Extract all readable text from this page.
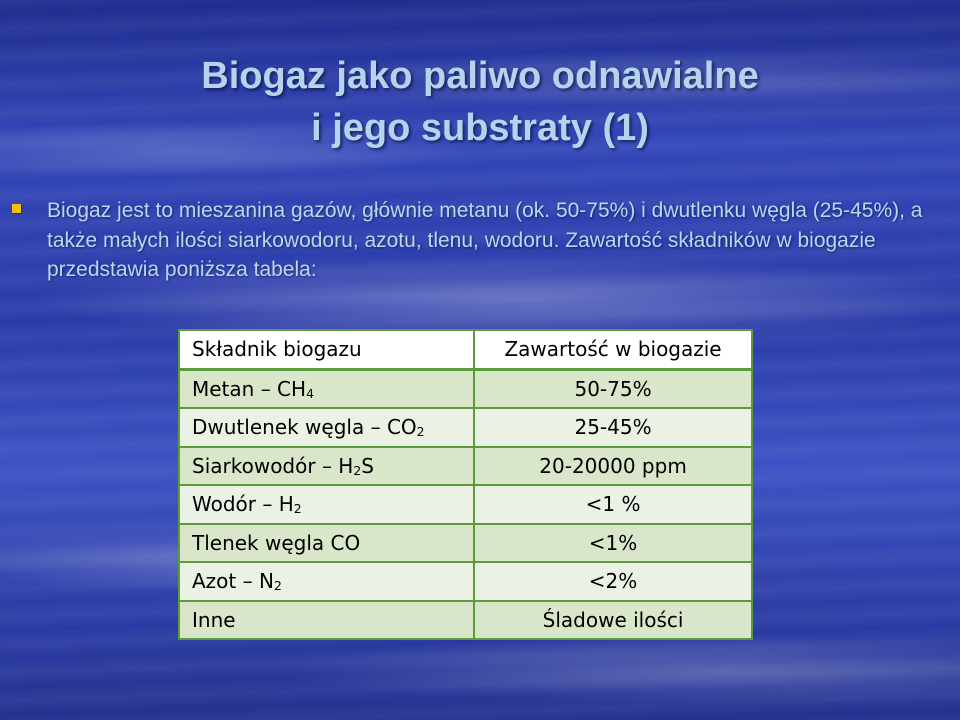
Biogaz jako paliwo odnawialne
i jego substraty (1)
Biogaz jest to mieszanina gazów, głównie metanu (ok. 50-75%) i dwutlenku węgla (25-45%), a także małych ilości siarkowodoru, azotu, tlenu, wodoru. Zawartość składników w biogazie przedstawia poniższa tabela:
Składnik biogazu	Zawartość w biogazie
Metan – $CH_4$	50-75%
Dwutlenek węgla – $CO_2$	25-45%
Siarkowodór – $H_2S$	20-20000 ppm
Wodór – $H_2$	<1 %
Tlenek węgla CO	<1%
Azot – $N_2$	<2%
Inne	Śladowe ilości
